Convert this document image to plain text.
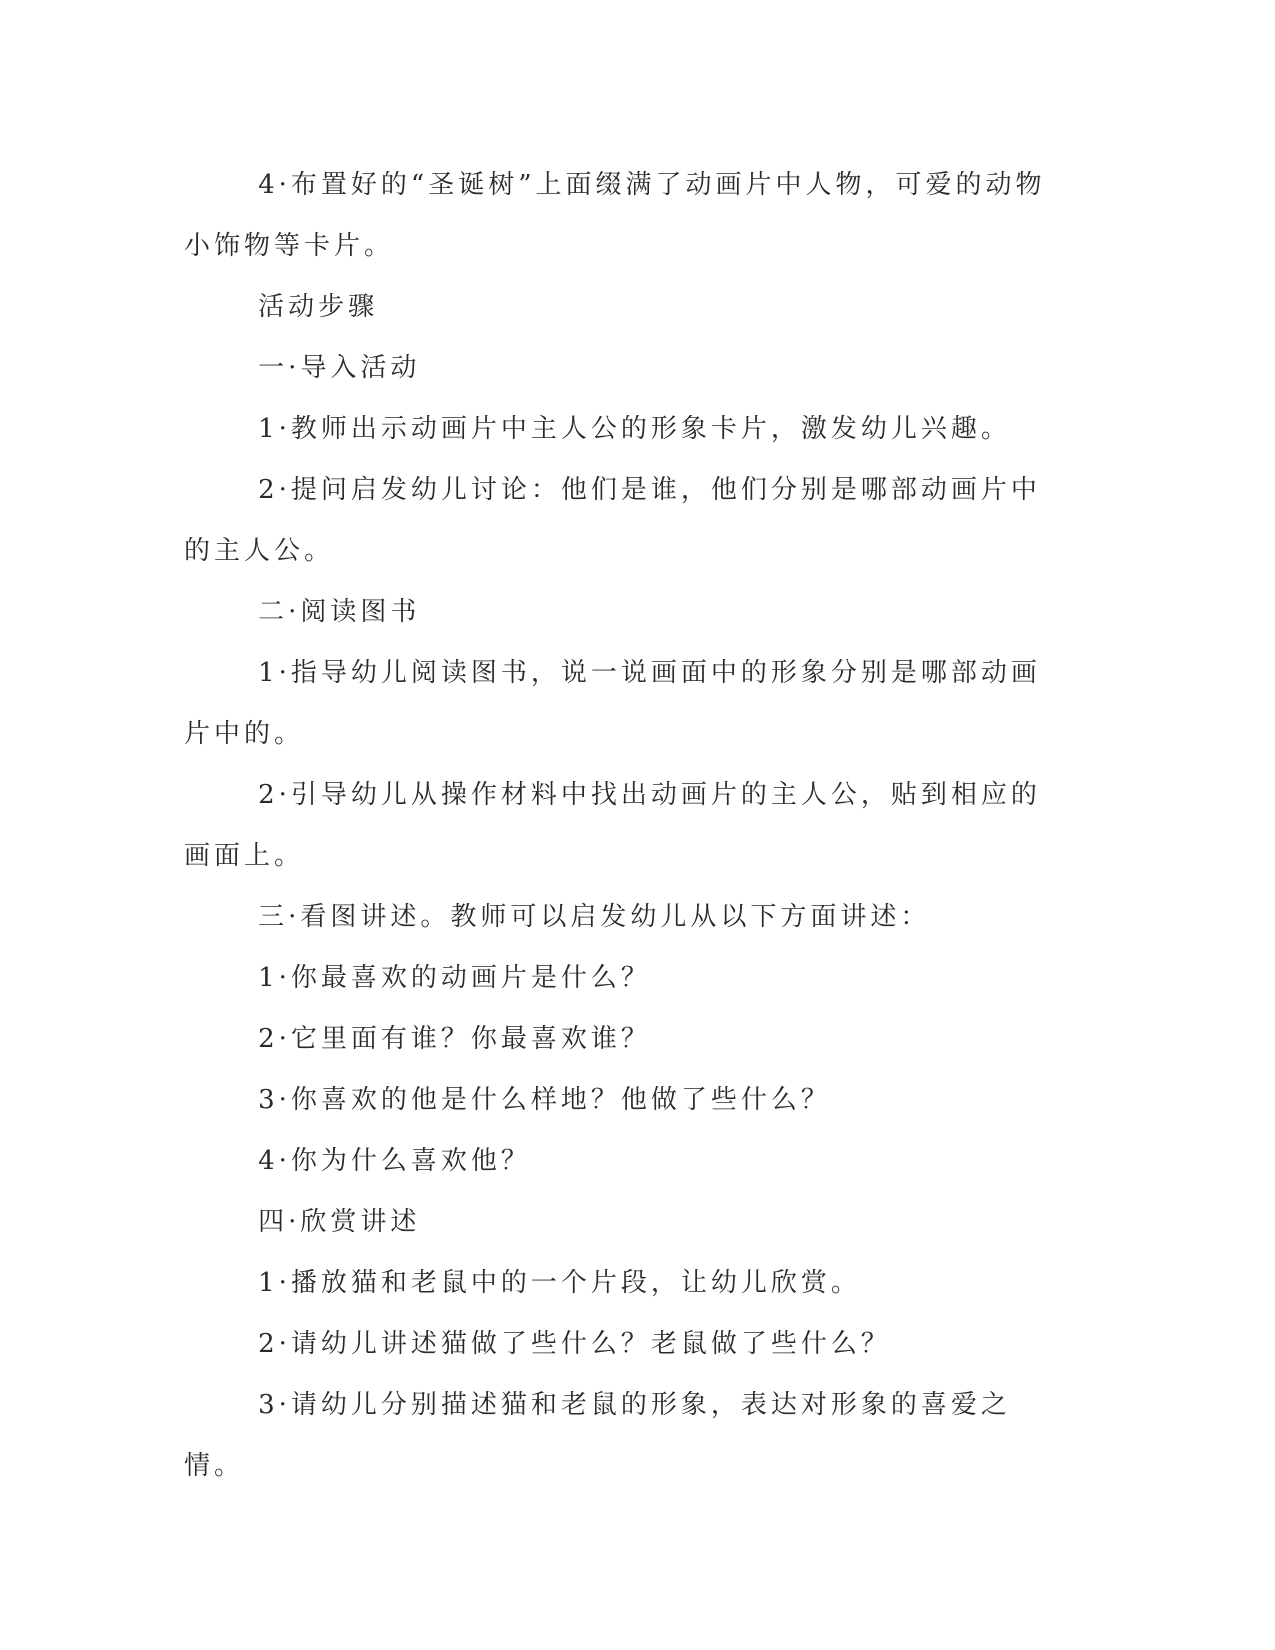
4·布置好的“圣诞树”上面缀满了动画片中人物，可爱的动物小饰物等卡片。

活动步骤

一·导入活动

1·教师出示动画片中主人公的形象卡片，激发幼儿兴趣。

2·提问启发幼儿讨论：他们是谁，他们分别是哪部动画片中的主人公。

二·阅读图书

1·指导幼儿阅读图书，说一说画面中的形象分别是哪部动画片中的。

2·引导幼儿从操作材料中找出动画片的主人公，贴到相应的画面上。

三·看图讲述。教师可以启发幼儿从以下方面讲述：

1·你最喜欢的动画片是什么？

2·它里面有谁？你最喜欢谁？

3·你喜欢的他是什么样地？他做了些什么？

4·你为什么喜欢他？

四·欣赏讲述

1·播放猫和老鼠中的一个片段，让幼儿欣赏。

2·请幼儿讲述猫做了些什么？老鼠做了些什么？

3·请幼儿分别描述猫和老鼠的形象，表达对形象的喜爱之情。
